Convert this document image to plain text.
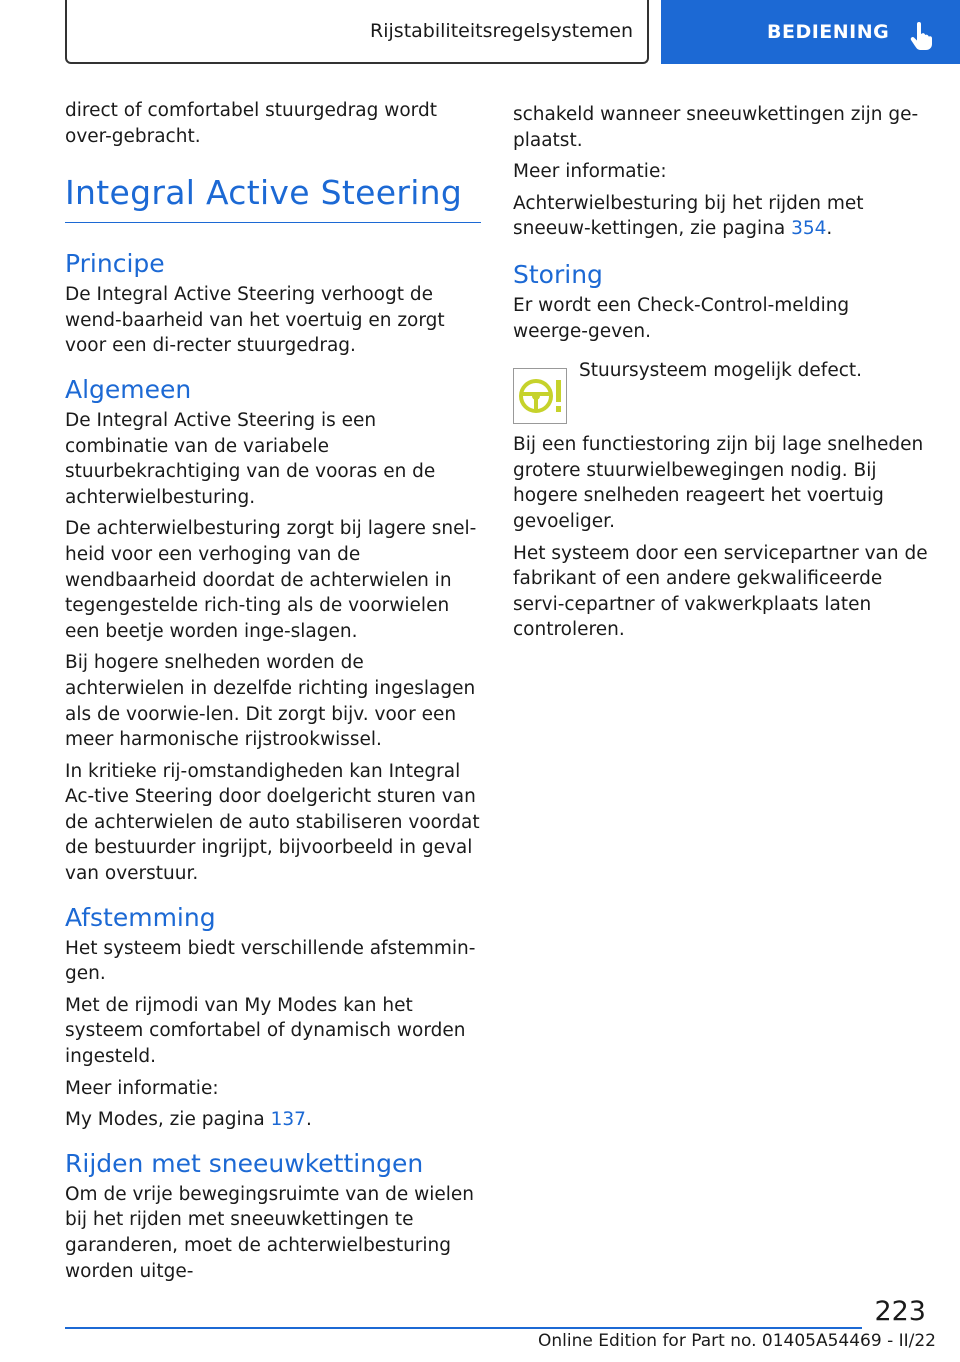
Rijstabiliteitsregelsystemen	BEDIENING

direct of comfortabel stuurgedrag wordt over-gebracht.

Integral Active Steering
Principe

De Integral Active Steering verhoogt de wend-baarheid van het voertuig en zorgt voor een di-recter stuurgedrag.

Algemeen

De Integral Active Steering is een combinatie van de variabele stuurbekrachtiging van de vooras en de achterwielbesturing.

De achterwielbesturing zorgt bij lagere snel-heid voor een verhoging van de wendbaarheid doordat de achterwielen in tegengestelde rich-ting als de voorwielen een beetje worden inge-slagen.

Bij hogere snelheden worden de achterwielen in dezelfde richting ingeslagen als de voorwie-len. Dit zorgt bijv. voor een meer harmonische rijstrookwissel.

In kritieke rij-omstandigheden kan Integral Ac-tive Steering door doelgericht sturen van de achterwielen de auto stabiliseren voordat de bestuurder ingrijpt, bijvoorbeeld in geval van overstuur.

Afstemming

Het systeem biedt verschillende afstemmin-gen.

Met de rijmodi van My Modes kan het systeem comfortabel of dynamisch worden ingesteld.

Meer informatie:

My Modes, zie pagina 137.

Rijden met sneeuwkettingen

Om de vrije bewegingsruimte van de wielen bij het rijden met sneeuwkettingen te garanderen, moet de achterwielbesturing worden uitge-

schakeld wanneer sneeuwkettingen zijn ge-plaatst.

Meer informatie:

Achterwielbesturing bij het rijden met sneeuw-kettingen, zie pagina 354.

Storing

Er wordt een Check-Control-melding weerge-geven.

Stuursysteem mogelijk defect.

Bij een functiestoring zijn bij lage snelheden grotere stuurwielbewegingen nodig. Bij hogere snelheden reageert het voertuig gevoeliger.

Het systeem door een servicepartner van de fabrikant of een andere gekwalificeerde servi-cepartner of vakwerkplaats laten controleren.

223
Online Edition for Part no. 01405A54469 - II/22
